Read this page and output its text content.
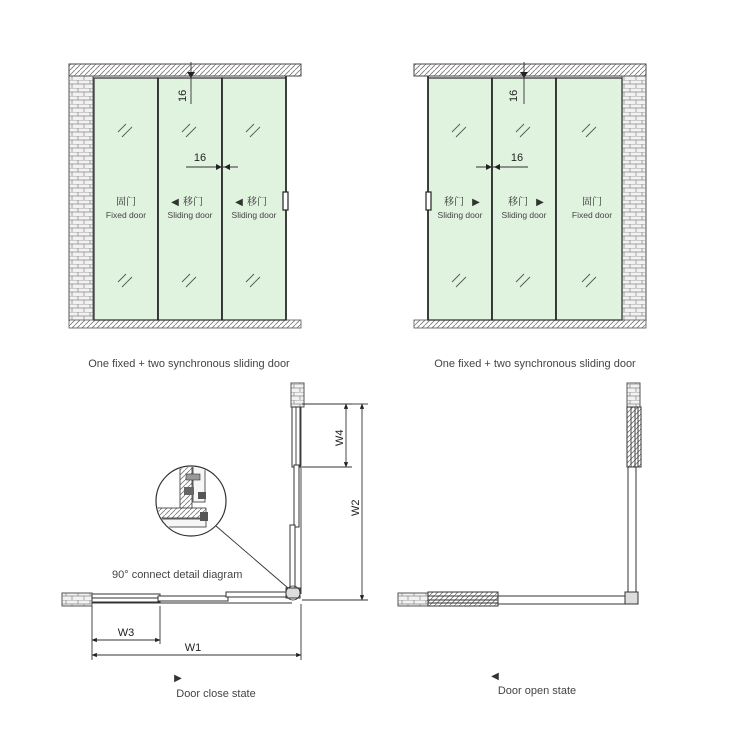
固门
Fixed door
◀ 移门
Sliding door
◀ 移门
Sliding door
16
16
One fixed + two synchronous sliding door
移门 ▶
Sliding door
移门 ▶
Sliding door
固门
Fixed door
16
16
One fixed + two synchronous sliding door
90° connect detail diagram
W4
W2
W3
W1
▶
Door close state
◀
Door open state
